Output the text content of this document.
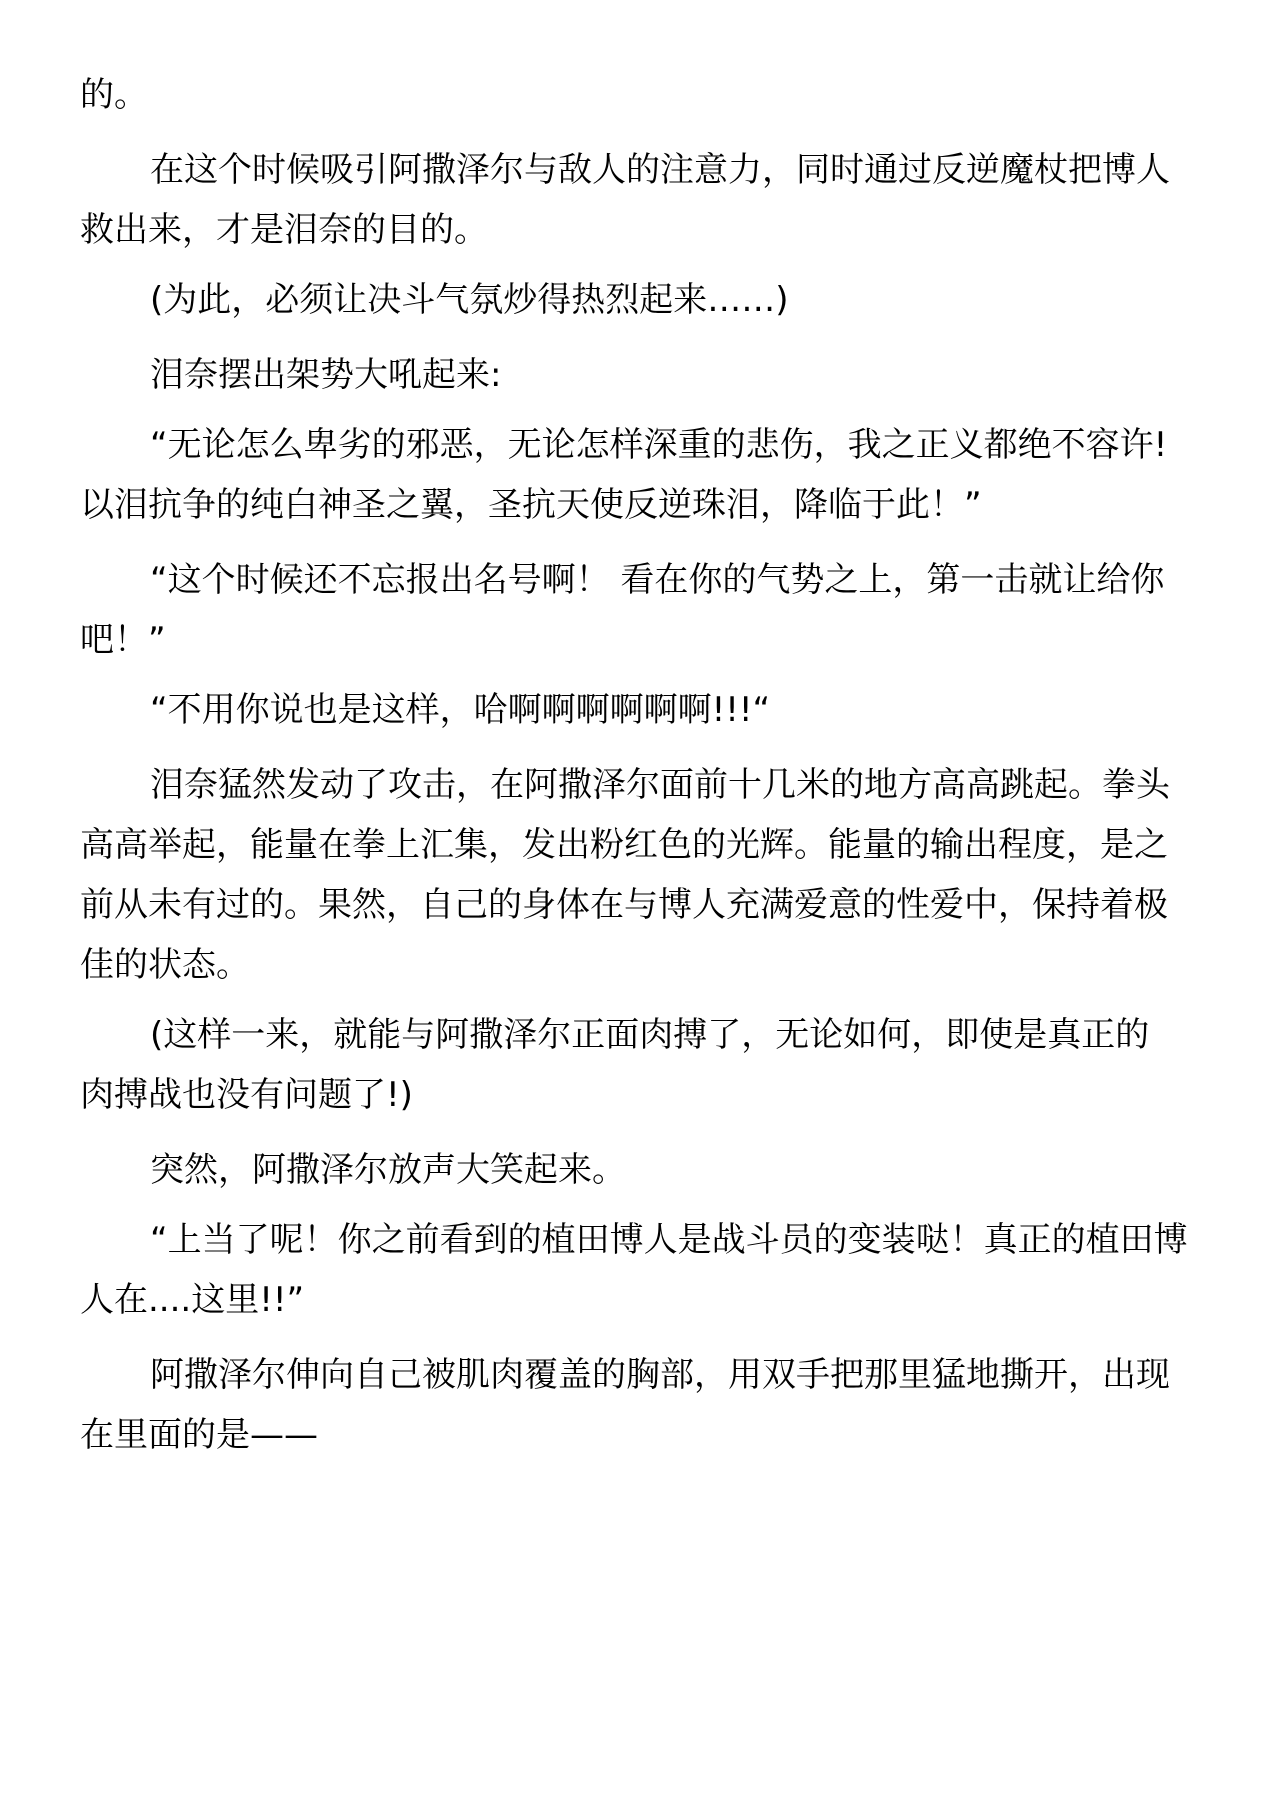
的。
在这个时候吸引阿撒泽尔与敌人的注意力，同时通过反逆魔杖把博人
救出来，才是泪奈的目的。
(为此，必须让决斗气氛炒得热烈起来……)
泪奈摆出架势大吼起来:
“无论怎么卑劣的邪恶，无论怎样深重的悲伤，我之正义都绝不容许!
以泪抗争的纯白神圣之翼，圣抗天使反逆珠泪，降临于此！”
“这个时候还不忘报出名号啊！ 看在你的气势之上，第一击就让给你
吧！”
“不用你说也是这样，哈啊啊啊啊啊啊!!!“
泪奈猛然发动了攻击，在阿撒泽尔面前十几米的地方高高跳起。拳头
高高举起，能量在拳上汇集，发出粉红色的光辉。能量的输出程度，是之
前从未有过的。果然，自己的身体在与博人充满爱意的性爱中，保持着极
佳的状态。
(这样一来，就能与阿撒泽尔正面肉搏了，无论如何，即使是真正的
肉搏战也没有问题了!)
突然，阿撒泽尔放声大笑起来。
“上当了呢！你之前看到的植田博人是战斗员的变装哒！真正的植田博
人在....这里!!”
阿撒泽尔伸向自己被肌肉覆盖的胸部，用双手把那里猛地撕开，出现
在里面的是——
